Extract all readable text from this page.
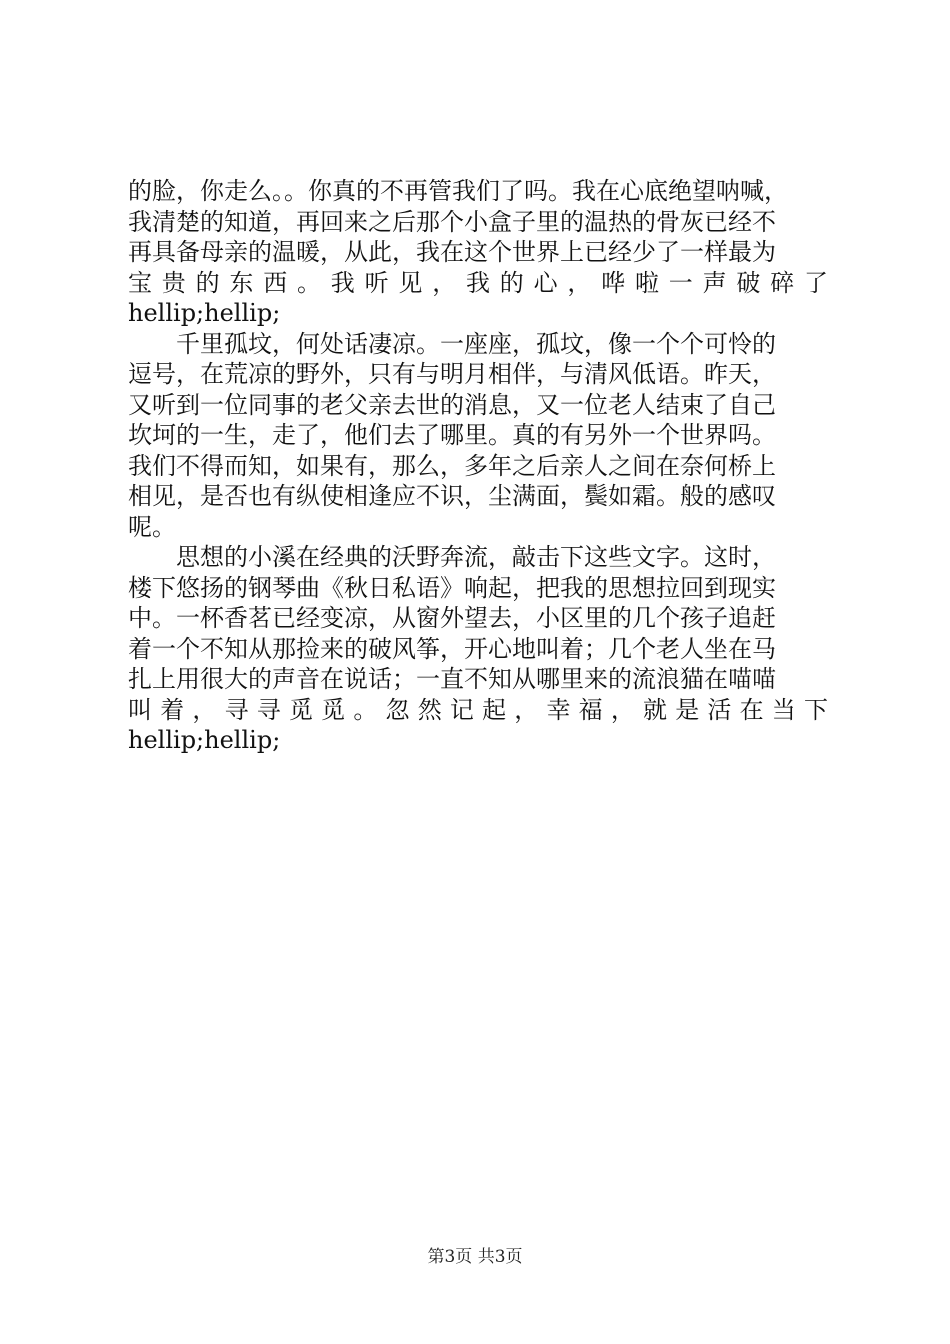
的脸，你走么。。你真的不再管我们了吗。我在心底绝望呐喊，
我清楚的知道，再回来之后那个小盒子里的温热的骨灰已经不
再具备母亲的温暖，从此，我在这个世界上已经少了一样最为
宝贵的东西。我听见，我的心，哗啦一声破碎了
hellip;hellip;
　　千里孤坟，何处话凄凉。一座座，孤坟，像一个个可怜的
逗号，在荒凉的野外，只有与明月相伴，与清风低语。昨天，
又听到一位同事的老父亲去世的消息，又一位老人结束了自己
坎坷的一生，走了，他们去了哪里。真的有另外一个世界吗。
我们不得而知，如果有，那么，多年之后亲人之间在奈何桥上
相见，是否也有纵使相逢应不识，尘满面，鬓如霜。般的感叹
呢。
　　思想的小溪在经典的沃野奔流，敲击下这些文字。这时，
楼下悠扬的钢琴曲《秋日私语》响起，把我的思想拉回到现实
中。一杯香茗已经变凉，从窗外望去，小区里的几个孩子追赶
着一个不知从那捡来的破风筝，开心地叫着；几个老人坐在马
扎上用很大的声音在说话；一直不知从哪里来的流浪猫在喵喵
叫着，寻寻觅觅。忽然记起，幸福，就是活在当下
hellip;hellip;
第3页 共3页
